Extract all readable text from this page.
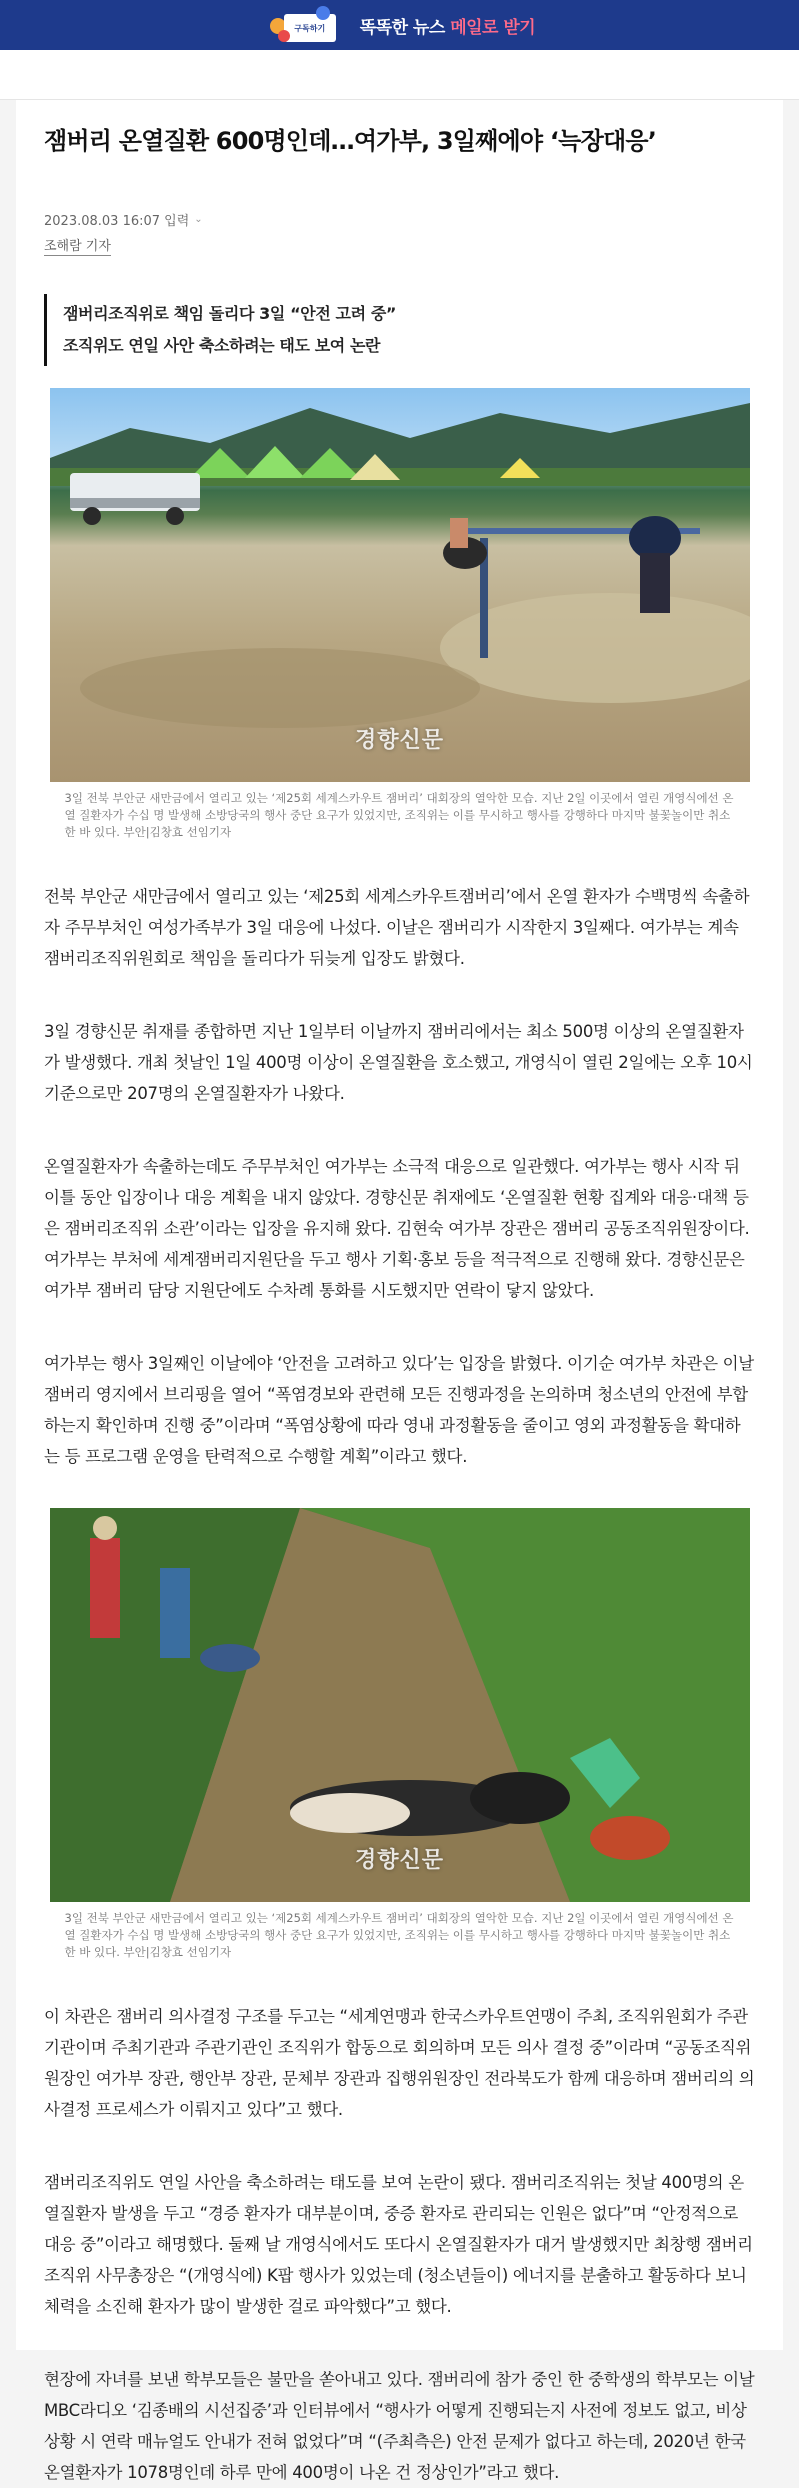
구독하기	똑똑한 뉴스 메일로 받기
잼버리 온열질환 600명인데…여가부, 3일째에야 ‘늑장대응’
2023.08.03 16:07 입력 ⌄
조해람 기자

잼버리조직위로 책임 돌리다 3일 “안전 고려 중”

조직위도 연일 사안 축소하려는 태도 보여 논란

경향신문

3일 전북 부안군 새만금에서 열리고 있는 ‘제25회 세계스카우트 잼버리’ 대회장의 열악한 모습. 지난 2일 이곳에서 열린 개영식에선 온열 질환자가 수십 명 발생해 소방당국의 행사 중단 요구가 있었지만, 조직위는 이를 무시하고 행사를 강행하다 마지막 불꽃놀이만 취소한 바 있다. 부안|김창효 선임기자

전북 부안군 새만금에서 열리고 있는 ‘제25회 세계스카우트잼버리’에서 온열 환자가 수백명씩 속출하자 주무부처인 여성가족부가 3일 대응에 나섰다. 이날은 잼버리가 시작한지 3일째다. 여가부는 계속 잼버리조직위원회로 책임을 돌리다가 뒤늦게 입장도 밝혔다.

3일 경향신문 취재를 종합하면 지난 1일부터 이날까지 잼버리에서는 최소 500명 이상의 온열질환자가 발생했다. 개최 첫날인 1일 400명 이상이 온열질환을 호소했고, 개영식이 열린 2일에는 오후 10시 기준으로만 207명의 온열질환자가 나왔다.

온열질환자가 속출하는데도 주무부처인 여가부는 소극적 대응으로 일관했다. 여가부는 행사 시작 뒤 이틀 동안 입장이나 대응 계획을 내지 않았다. 경향신문 취재에도 ‘온열질환 현황 집계와 대응·대책 등은 잼버리조직위 소관’이라는 입장을 유지해 왔다. 김현숙 여가부 장관은 잼버리 공동조직위원장이다. 여가부는 부처에 세계잼버리지원단을 두고 행사 기획·홍보 등을 적극적으로 진행해 왔다. 경향신문은 여가부 잼버리 담당 지원단에도 수차례 통화를 시도했지만 연락이 닿지 않았다.

여가부는 행사 3일째인 이날에야 ‘안전을 고려하고 있다’는 입장을 밝혔다. 이기순 여가부 차관은 이날 잼버리 영지에서 브리핑을 열어 “폭염경보와 관련해 모든 진행과정을 논의하며 청소년의 안전에 부합하는지 확인하며 진행 중”이라며 “폭염상황에 따라 영내 과정활동을 줄이고 영외 과정활동을 확대하는 등 프로그램 운영을 탄력적으로 수행할 계획”이라고 했다.

경향신문

3일 전북 부안군 새만금에서 열리고 있는 ‘제25회 세계스카우트 잼버리’ 대회장의 열악한 모습. 지난 2일 이곳에서 열린 개영식에선 온열 질환자가 수십 명 발생해 소방당국의 행사 중단 요구가 있었지만, 조직위는 이를 무시하고 행사를 강행하다 마지막 불꽃놀이만 취소한 바 있다. 부안|김창효 선임기자

이 차관은 잼버리 의사결정 구조를 두고는 “세계연맹과 한국스카우트연맹이 주최, 조직위원회가 주관기관이며 주최기관과 주관기관인 조직위가 합동으로 회의하며 모든 의사 결정 중”이라며 “공동조직위원장인 여가부 장관, 행안부 장관, 문체부 장관과 집행위원장인 전라북도가 함께 대응하며 잼버리의 의사결정 프로세스가 이뤄지고 있다”고 했다.

잼버리조직위도 연일 사안을 축소하려는 태도를 보여 논란이 됐다. 잼버리조직위는 첫날 400명의 온열질환자 발생을 두고 “경증 환자가 대부분이며, 중증 환자로 관리되는 인원은 없다”며 “안정적으로 대응 중”이라고 해명했다. 둘째 날 개영식에서도 또다시 온열질환자가 대거 발생했지만 최창행 잼버리조직위 사무총장은 “(개영식에) K팝 행사가 있었는데 (청소년들이) 에너지를 분출하고 활동하다 보니 체력을 소진해 환자가 많이 발생한 걸로 파악했다”고 했다.

현장에 자녀를 보낸 학부모들은 불만을 쏟아내고 있다. 잼버리에 참가 중인 한 중학생의 학부모는 이날 MBC라디오 ‘김종배의 시선집중’과 인터뷰에서 “행사가 어떻게 진행되는지 사전에 정보도 없고, 비상상황 시 연락 매뉴얼도 안내가 전혀 없었다”며 “(주최측은) 안전 문제가 없다고 하는데, 2020년 한국 온열환자가 1078명인데 하루 만에 400명이 나온 건 정상인가”라고 했다.
